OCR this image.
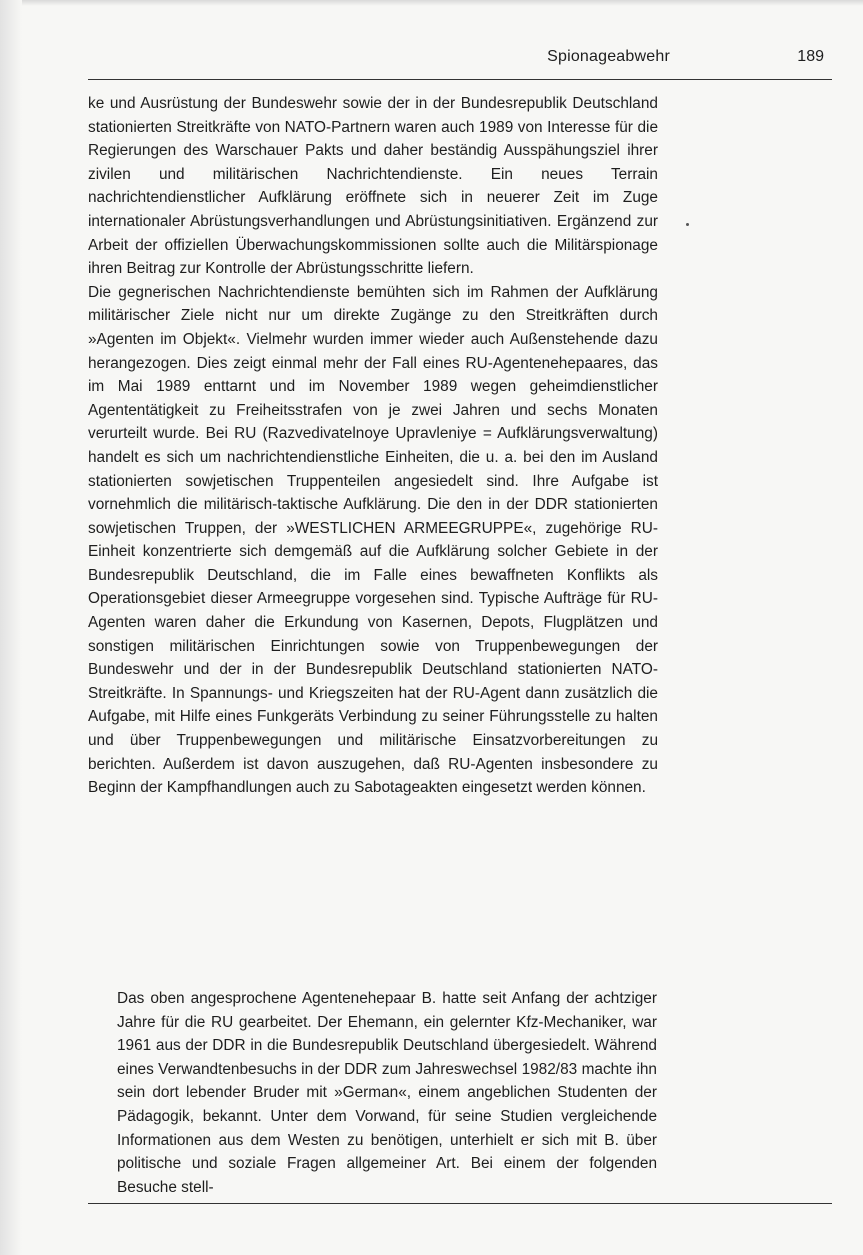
Spionageabwehr	189

ke und Ausrüstung der Bundeswehr sowie der in der Bundesrepublik Deutschland stationierten Streitkräfte von NATO-Partnern waren auch 1989 von Interesse für die Regierungen des Warschauer Pakts und daher beständig Ausspähungsziel ihrer zivilen und militärischen Nachrichtendienste. Ein neues Terrain nachrichtendienstlicher Aufklärung eröffnete sich in neuerer Zeit im Zuge internationaler Abrüstungsverhandlungen und Abrüstungsinitiativen. Ergänzend zur Arbeit der offiziellen Überwachungskommissionen sollte auch die Militärspionage ihren Beitrag zur Kontrolle der Abrüstungsschritte liefern.

Die gegnerischen Nachrichtendienste bemühten sich im Rahmen der Aufklärung militärischer Ziele nicht nur um direkte Zugänge zu den Streitkräften durch »Agenten im Objekt«. Vielmehr wurden immer wieder auch Außenstehende dazu herangezogen. Dies zeigt einmal mehr der Fall eines RU-Agentenehepaares, das im Mai 1989 enttarnt und im November 1989 wegen geheimdienstlicher Agententätigkeit zu Freiheitsstrafen von je zwei Jahren und sechs Monaten verurteilt wurde. Bei RU (Razvedivatelnoye Upravleniye = Aufklärungsverwaltung) handelt es sich um nachrichtendienstliche Einheiten, die u. a. bei den im Ausland stationierten sowjetischen Truppenteilen angesiedelt sind. Ihre Aufgabe ist vornehmlich die militärisch-taktische Aufklärung. Die den in der DDR stationierten sowjetischen Truppen, der »WESTLICHEN ARMEEGRUPPE«, zugehörige RU-Einheit konzentrierte sich demgemäß auf die Aufklärung solcher Gebiete in der Bundesrepublik Deutschland, die im Falle eines bewaffneten Konflikts als Operationsgebiet dieser Armeegruppe vorgesehen sind. Typische Aufträge für RU-Agenten waren daher die Erkundung von Kasernen, Depots, Flugplätzen und sonstigen militärischen Einrichtungen sowie von Truppenbewegungen der Bundeswehr und der in der Bundesrepublik Deutschland stationierten NATO-Streitkräfte. In Spannungs- und Kriegszeiten hat der RU-Agent dann zusätzlich die Aufgabe, mit Hilfe eines Funkgeräts Verbindung zu seiner Führungsstelle zu halten und über Truppenbewegungen und militärische Einsatzvorbereitungen zu berichten. Außerdem ist davon auszugehen, daß RU-Agenten insbesondere zu Beginn der Kampfhandlungen auch zu Sabotageakten eingesetzt werden können.

Das oben angesprochene Agentenehepaar B. hatte seit Anfang der achtziger Jahre für die RU gearbeitet. Der Ehemann, ein gelernter Kfz-Mechaniker, war 1961 aus der DDR in die Bundesrepublik Deutschland übergesiedelt. Während eines Verwandtenbesuchs in der DDR zum Jahreswechsel 1982/83 machte ihn sein dort lebender Bruder mit »German«, einem angeblichen Studenten der Pädagogik, bekannt. Unter dem Vorwand, für seine Studien vergleichende Informationen aus dem Westen zu benötigen, unterhielt er sich mit B. über politische und soziale Fragen allgemeiner Art. Bei einem der folgenden Besuche stell-
